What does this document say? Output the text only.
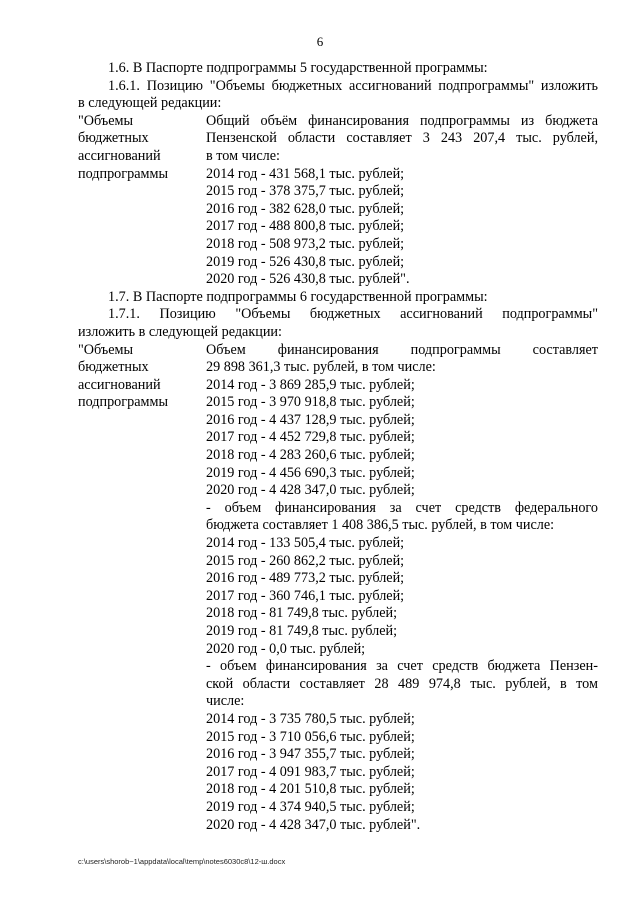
6

1.6. В Паспорте подпрограммы 5 государственной программы:

1.6.1. Позицию "Объемы бюджетных ассигнований подпрограммы" изложить

в следующей редакции:

"Объемы	Общий объём финансирования подпрограммы из бюджета
бюджетных	Пензенской области составляет 3 243 207,4 тыс. рублей,
ассигнований	в том числе:
подпрограммы	2014 год - 431 568,1 тыс. рублей;
2015 год - 378 375,7 тыс. рублей;
2016 год - 382 628,0 тыс. рублей;
2017 год - 488 800,8 тыс. рублей;
2018 год - 508 973,2 тыс. рублей;
2019 год - 526 430,8 тыс. рублей;
2020 год - 526 430,8 тыс. рублей".

1.7. В Паспорте подпрограммы 6 государственной программы:

1.7.1. Позицию "Объемы бюджетных ассигнований подпрограммы"

изложить в следующей редакции:

"Объемы	Объем финансирования подпрограммы составляет
бюджетных	29 898 361,3 тыс. рублей, в том числе:
ассигнований	2014 год - 3 869 285,9 тыс. рублей;
подпрограммы	2015 год - 3 970 918,8 тыс. рублей;
2016 год - 4 437 128,9 тыс. рублей;
2017 год - 4 452 729,8 тыс. рублей;
2018 год - 4 283 260,6 тыс. рублей;
2019 год - 4 456 690,3 тыс. рублей;
2020 год - 4 428 347,0 тыс. рублей;
- объем финансирования за счет средств федерального
бюджета составляет 1 408 386,5 тыс. рублей, в том числе:
2014 год - 133 505,4 тыс. рублей;
2015 год - 260 862,2 тыс. рублей;
2016 год - 489 773,2 тыс. рублей;
2017 год - 360 746,1 тыс. рублей;
2018 год - 81 749,8 тыс. рублей;
2019 год - 81 749,8 тыс. рублей;
2020 год - 0,0 тыс. рублей;
- объем финансирования за счет средств бюджета Пензен-
ской области составляет 28 489 974,8 тыс. рублей, в том
числе:
2014 год - 3 735 780,5 тыс. рублей;
2015 год - 3 710 056,6 тыс. рублей;
2016 год - 3 947 355,7 тыс. рублей;
2017 год - 4 091 983,7 тыс. рублей;
2018 год - 4 201 510,8 тыс. рублей;
2019 год - 4 374 940,5 тыс. рублей;
2020 год - 4 428 347,0 тыс. рублей".
c:\users\shorob~1\appdata\local\temp\notes6030c8\12-ш.docx
